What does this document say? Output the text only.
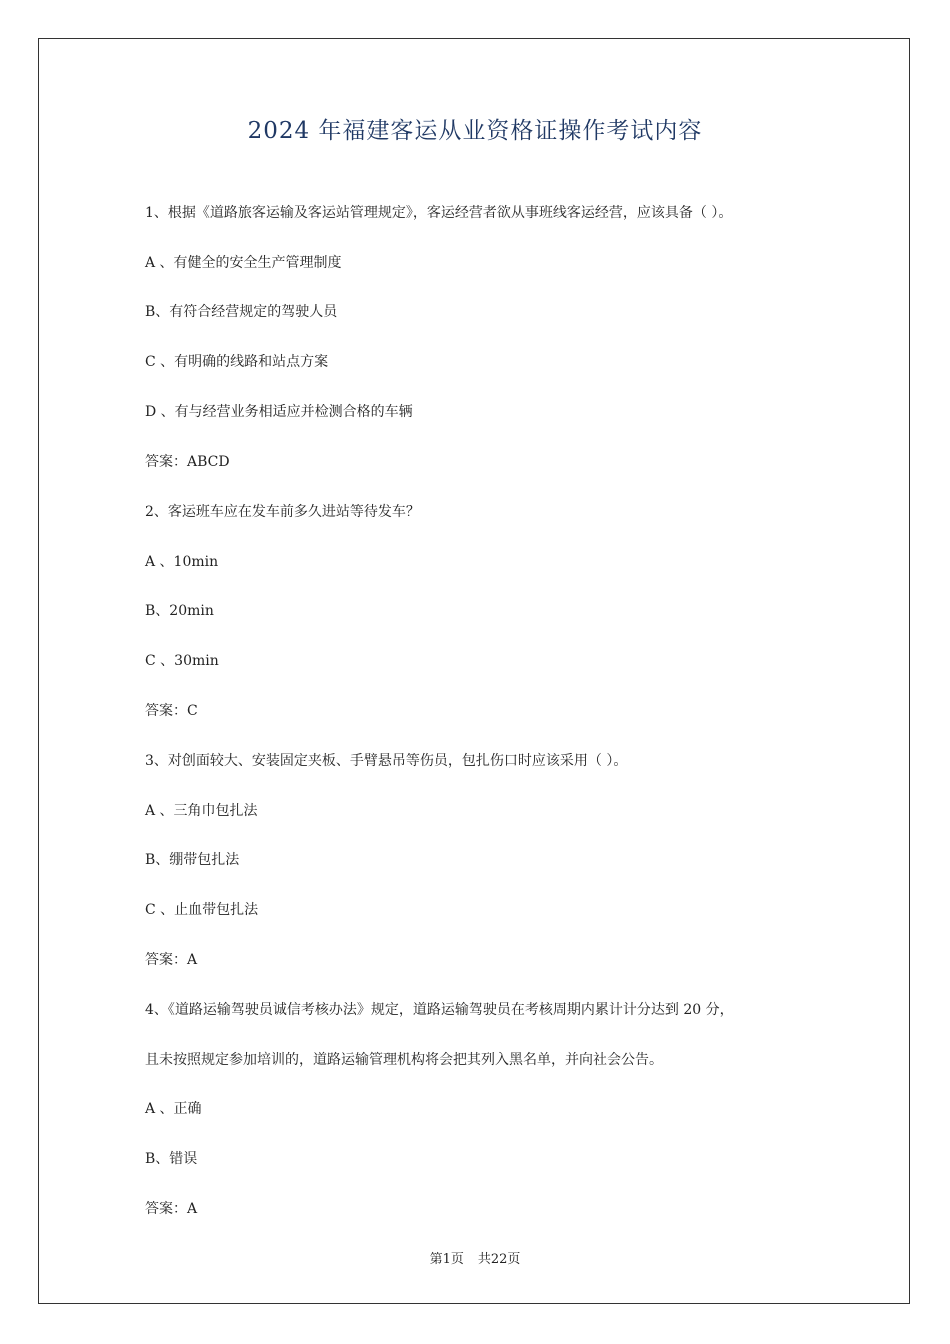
2024 年福建客运从业资格证操作考试内容
1、根据《道路旅客运输及客运站管理规定》，客运经营者欲从事班线客运经营，应该具备（ ）。
A 、有健全的安全生产管理制度
B、有符合经营规定的驾驶人员
C 、有明确的线路和站点方案
D 、有与经营业务相适应并检测合格的车辆
答案：ABCD
2、客运班车应在发车前多久进站等待发车？
A 、10min
B、20min
C 、30min
答案：C
3、对创面较大、安装固定夹板、手臂悬吊等伤员，包扎伤口时应该采用（ ）。
A 、三角巾包扎法
B、绷带包扎法
C 、止血带包扎法
答案：A
4、《道路运输驾驶员诚信考核办法》规定，道路运输驾驶员在考核周期内累计计分达到 20 分，
且未按照规定参加培训的，道路运输管理机构将会把其列入黑名单，并向社会公告。
A 、正确
B、错误
答案：A
第1页 共22页
